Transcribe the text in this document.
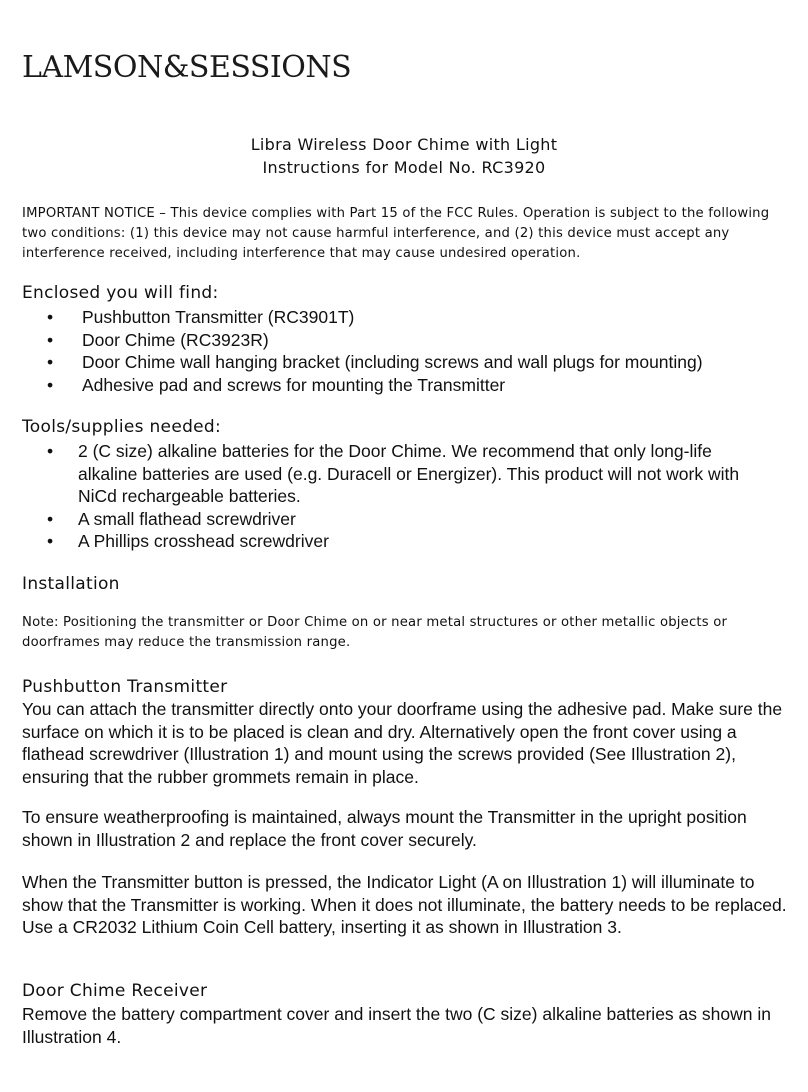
LAMSON&SESSIONS
Libra Wireless Door Chime with Light
Instructions for Model No. RC3920
IMPORTANT NOTICE – This device complies with Part 15 of the FCC Rules. Operation is subject to the following two conditions: (1) this device may not cause harmful interference, and (2) this device must accept any interference received, including interference that may cause undesired operation.
Enclosed you will find:
• Pushbutton Transmitter (RC3901T)
• Door Chime (RC3923R)
• Door Chime wall hanging bracket (including screws and wall plugs for mounting)
• Adhesive pad and screws for mounting the Transmitter
Tools/supplies needed:
• 2 (C size) alkaline batteries for the Door Chime. We recommend that only long-life alkaline batteries are used (e.g. Duracell or Energizer). This product will not work with NiCd rechargeable batteries.
• A small flathead screwdriver
• A Phillips crosshead screwdriver
Installation
Note: Positioning the transmitter or Door Chime on or near metal structures or other metallic objects or doorframes may reduce the transmission range.
Pushbutton Transmitter
You can attach the transmitter directly onto your doorframe using the adhesive pad. Make sure the surface on which it is to be placed is clean and dry. Alternatively open the front cover using a flathead screwdriver (Illustration 1) and mount using the screws provided (See Illustration 2), ensuring that the rubber grommets remain in place.
To ensure weatherproofing is maintained, always mount the Transmitter in the upright position shown in Illustration 2 and replace the front cover securely.
When the Transmitter button is pressed, the Indicator Light (A on Illustration 1) will illuminate to show that the Transmitter is working. When it does not illuminate, the battery needs to be replaced. Use a CR2032 Lithium Coin Cell battery, inserting it as shown in Illustration 3.
Door Chime Receiver
Remove the battery compartment cover and insert the two (C size) alkaline batteries as shown in Illustration 4.
